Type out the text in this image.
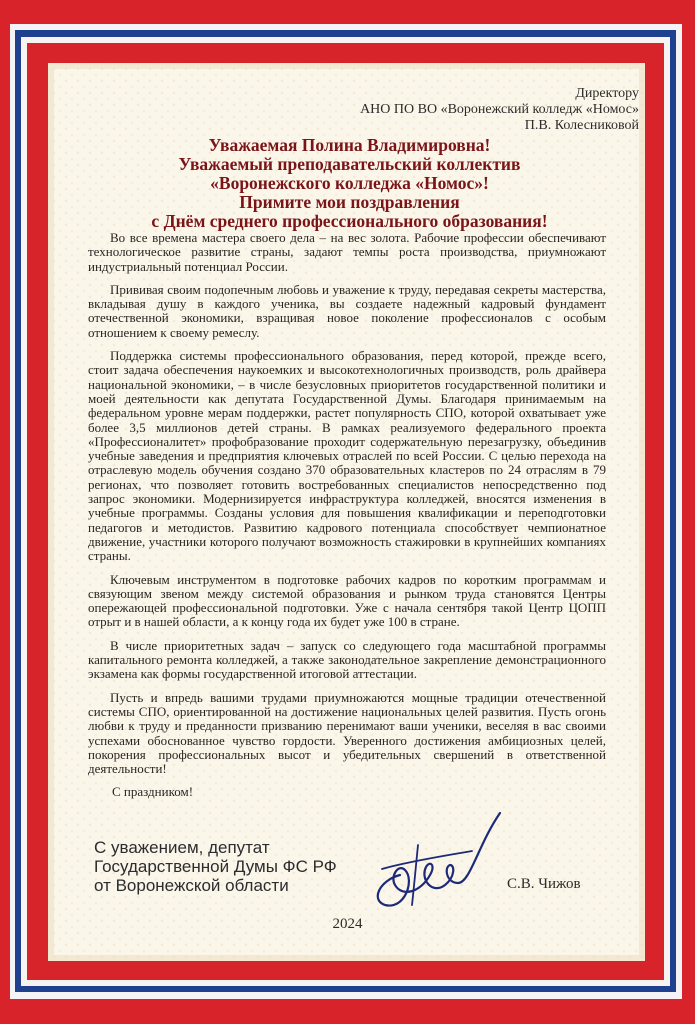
Директору
АНО ПО ВО «Воронежский колледж «Номос»
П.В. Колесниковой
Уважаемая Полина Владимировна!
Уважаемый преподавательский коллектив
«Воронежского колледжа «Номос»!
Примите мои поздравления
с Днём среднего профессионального образования!

Во все времена мастера своего дела – на вес золота. Рабочие профессии обеспечивают технологическое развитие страны, задают темпы роста производства, приумножают индустриальный потенциал России.

Прививая своим подопечным любовь и уважение к труду, передавая секреты мастерства, вкладывая душу в каждого ученика, вы создаете надежный кадровый фундамент отечественной экономики, взращивая новое поколение профессионалов с особым отношением к своему ремеслу.

Поддержка системы профессионального образования, перед которой, прежде всего, стоит задача обеспечения наукоемких и высокотехнологичных производств, роль драйвера национальной экономики, – в числе безусловных приоритетов государственной политики и моей деятельности как депутата Государственной Думы. Благодаря принимаемым на федеральном уровне мерам поддержки, растет популярность СПО, которой охватывает уже более 3,5 миллионов детей страны. В рамках реализуемого федерального проекта «Профессионалитет» профобразование проходит содержательную перезагрузку, объединив учебные заведения и предприятия ключевых отраслей по всей России. С целью перехода на отраслевую модель обучения создано 370 образовательных кластеров по 24 отраслям в 79 регионах, что позволяет готовить востребованных специалистов непосредственно под запрос экономики. Модернизируется инфраструктура колледжей, вносятся изменения в учебные программы. Созданы условия для повышения квалификации и переподготовки педагогов и методистов. Развитию кадрового потенциала способствует чемпионатное движение, участники которого получают возможность стажировки в крупнейших компаниях страны.

Ключевым инструментом в подготовке рабочих кадров по коротким программам и связующим звеном между системой образования и рынком труда становятся Центры опережающей профессиональной подготовки. Уже с начала сентября такой Центр ЦОПП отрыт и в нашей области, а к концу года их будет уже 100 в стране.

В числе приоритетных задач – запуск со следующего года масштабной программы капитального ремонта колледжей, а также законодательное закрепление демонстрационного экзамена как формы государственной итоговой аттестации.

Пусть и впредь вашими трудами приумножаются мощные традиции отечественной системы СПО, ориентированной на достижение национальных целей развития. Пусть огонь любви к труду и преданности призванию перенимают ваши ученики, веселяя в вас своими успехами обоснованное чувство гордости. Уверенного достижения амбициозных целей, покорения профессиональных высот и убедительных свершений в ответственной деятельности!

С праздником!

С уважением, депутат
Государственной Думы ФС РФ
от Воронежской области	С.В. Чижов
2024
